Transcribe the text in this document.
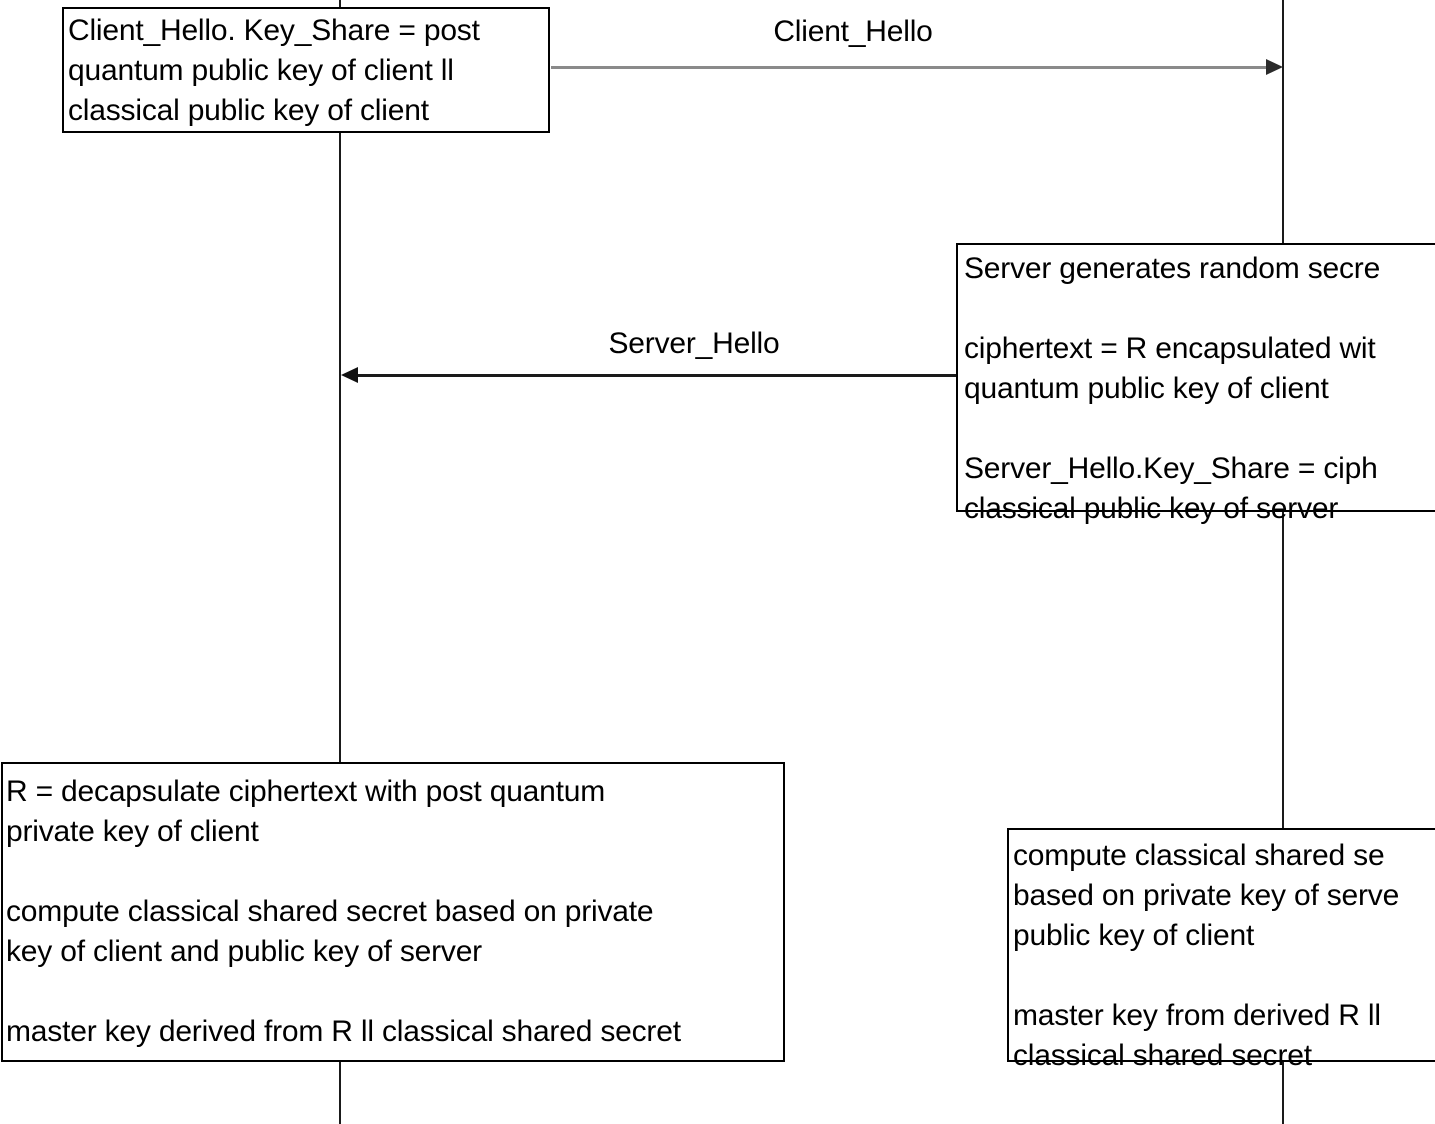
Client_Hello
Server_Hello
Client_Hello. Key_Share = post
quantum public key of client ll
classical public key of client
Server generates random secre
ciphertext = R encapsulated wit
quantum public key of client
Server_Hello.Key_Share = ciph
classical public key of server
R = decapsulate ciphertext with post quantum
private key of client
compute classical shared secret based on private
key of client and public key of server
master key derived from R ll classical shared secret
compute classical shared se
based on private key of serve
public key of client
master key from derived R ll
classical shared secret
